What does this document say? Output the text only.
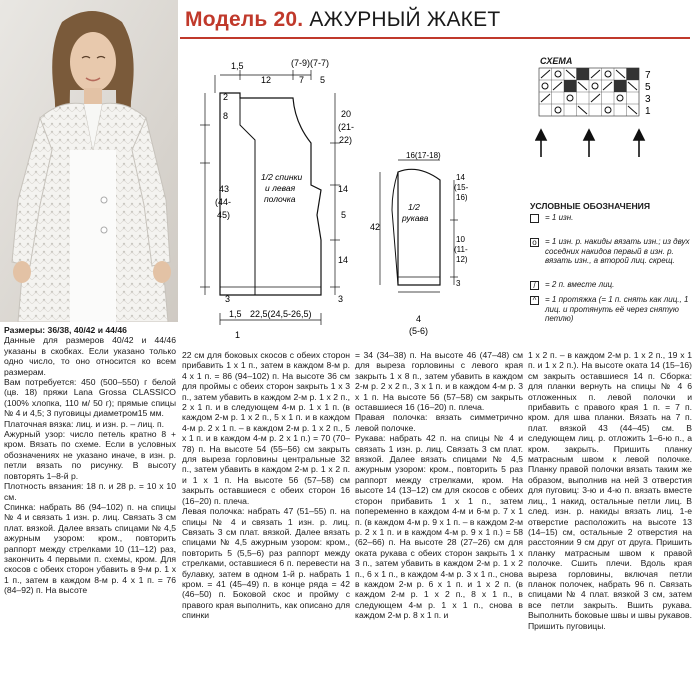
Модель 20. АЖУРНЫЙ ЖАКЕТ
1,5
12
(7-9)(7-7)
7 5
2
8
43
(44-
45)
3
20
(21-
22)
14
5
14
3
1,5 22,5(24,5-26,5)
1
1/2 спинки
и левая
полочка
16(17-18)
42
14
(15-
16)
10
(11-
12)
3
1/2
рукава
4
(5-6)
СХЕМА
7
5
3
1
УСЛОВНЫЕ ОБОЗНАЧЕНИЯ
= 1 изн.
o = 1 изн. р. накиды вязать изн.; из двух соседних накидов первый в изн. р. вязать изн., а второй лиц. скрещ.
/	= 2 п. вместе лиц.
^	= 1 протяжка (= 1 п. снять как лиц., 1 лиц. и протянуть её через снятую петлю)

Размеры: 36/38, 40/42 и 44/46

Данные для размеров 40/42 и 44/46 указаны в скобках. Если указано только одно число, то оно относится ко всем размерам.

Вам потребуется: 450 (500–550) г белой (цв. 18) пряжи Lana Grossa CLASSICO (100% хлопка, 110 м/ 50 г); прямые спицы № 4 и 4,5; 3 пуговицы диаметром15 мм.

Платочная вязка: лиц. и изн. р. – лиц. п.

Ажурный узор: число петель кратно 8 + кром. Вязать по схеме. Если в условных обозначениях не указано иначе, в изн. р. петли вязать по рисунку. В высоту повторять 1–8-й р.

Плотность вязания: 18 п. и 28 р. = 10 х 10 см.

Спинка: набрать 86 (94–102) п. на спицы № 4 и связать 1 изн. р. лиц. Связать 3 см плат. вязкой. Далее вязать спицами № 4,5 ажурным узором: кром., повторить раппорт между стрелками 10 (11–12) раз, закончить 4 первыми п. схемы, кром. Для скосов с обеих сторон убавить в 9-м р. 1 х 1 п., затем в каждом 8-м р. 4 х 1 п. = 76 (84–92) п. На высоте

22 см для боковых скосов с обеих сторон прибавить 1 х 1 п., затем в каждом 8-м р. 4 х 1 п. = 86 (94–102) п. На высоте 36 см для проймы с обеих сторон закрыть 1 х 3 п., затем убавить в каждом 2-м р. 1 х 2 п., 2 х 1 п. и в следующем 4-м р. 1 х 1 п. (в каждом 2-м р. 1 х 2 п., 5 х 1 п. и в каждом 4-м р. 2 х 1 п. – в каждом 2-м р. 1 х 2 п., 5 х 1 п. и в каждом 4-м р. 2 х 1 п.) = 70 (70–78) п. На высоте 54 (55–56) см закрыть для выреза горловины центральные 32 п., затем убавить в каждом 2-м р. 1 х 2 п. и 1 х 1 п. На высоте 56 (57–58) см закрыть оставшиеся с обеих сторон 16 (16–20) п. плеча.

Левая полочка: набрать 47 (51–55) п. на спицы № 4 и связать 1 изн. р. лиц. Связать 3 см плат. вязкой. Далее вязать спицами № 4,5 ажурным узором: кром., повторить 5 (5,5–6) раз раппорт между стрелками, оставшиеся 6 п. перевести на булавку, затем в одном 1-й р. набрать 1 кром. = 41 (45–49) п. в конце ряда = 42 (46–50) п. Боковой скос и пройму с правого края выполнить, как описано для спинки

= 34 (34–38) п. На высоте 46 (47–48) см для выреза горловины с левого края закрыть 1 х 8 п., затем убавить в каждом 2-м р. 2 х 2 п., 3 х 1 п. и в каждом 4-м р. 3 х 1 п. На высоте 56 (57–58) см закрыть оставшиеся 16 (16–20) п. плеча.

Правая полочка: вязать симметрично левой полочке.

Рукава: набрать 42 п. на спицы № 4 и связать 1 изн. р. лиц. Связать 3 см плат. вязкой. Далее вязать спицами № 4,5 ажурным узором: кром., повторить 5 раз раппорт между стрелками, кром. На высоте 14 (13–12) см для скосов с обеих сторон прибавить 1 х 1 п., затем попеременно в каждом 4-м и 6-м р. 7 х 1 п. (в каждом 4-м р. 9 х 1 п. – в каждом 2-м р. 2 х 1 п. и в каждом 4-м р. 9 х 1 п.) = 58 (62–66) п. На высоте 28 (27–26) см для оката рукава с обеих сторон закрыть 1 х 3 п., затем убавить в каждом 2-м р. 1 х 2 п., 6 х 1 п., в каждом 4-м р. 3 х 1 п., снова в каждом 2-м р. 6 х 1 п. и 1 х 2 п. (в каждом 2-м р. 1 х 2 п., 8 х 1 п., в следующем 4-м р. 1 х 1 п., снова в каждом 2-м р. 8 х 1 п. и

1 х 2 п. – в каждом 2-м р. 1 х 2 п., 19 х 1 п. и 1 х 2 п.). На высоте оката 14 (15–16) см закрыть оставшиеся 14 п. Сборка: для планки вернуть на спицы № 4 6 отложенных п. левой полочки и прибавить с правого края 1 п. = 7 п. кром. для шва планки. Вязать на 7 п. плат. вязкой 43 (44–45) см. В следующем лиц. р. отложить 1–6-ю п., а кром. закрыть. Пришить планку матрасным швом к левой полочке. Планку правой полочки вязать таким же образом, выполнив на ней 3 отверстия для пуговиц: 3-ю и 4-ю п. вязать вместе лиц., 1 накид, остальные петли лиц. В след. изн. р. накиды вязать лиц. 1-е отверстие расположить на высоте 13 (14–15) см, остальные 2 отверстия на расстоянии 9 см друг от друга. Пришить планку матрасным швом к правой полочке. Сшить плечи. Вдоль края выреза горловины, включая петли планок полочек, набрать 96 п. Связать спицами № 4 плат. вязкой 3 см, затем все петли закрыть. Вшить рукава. Выполнить боковые швы и швы рукавов. Пришить пуговицы.
